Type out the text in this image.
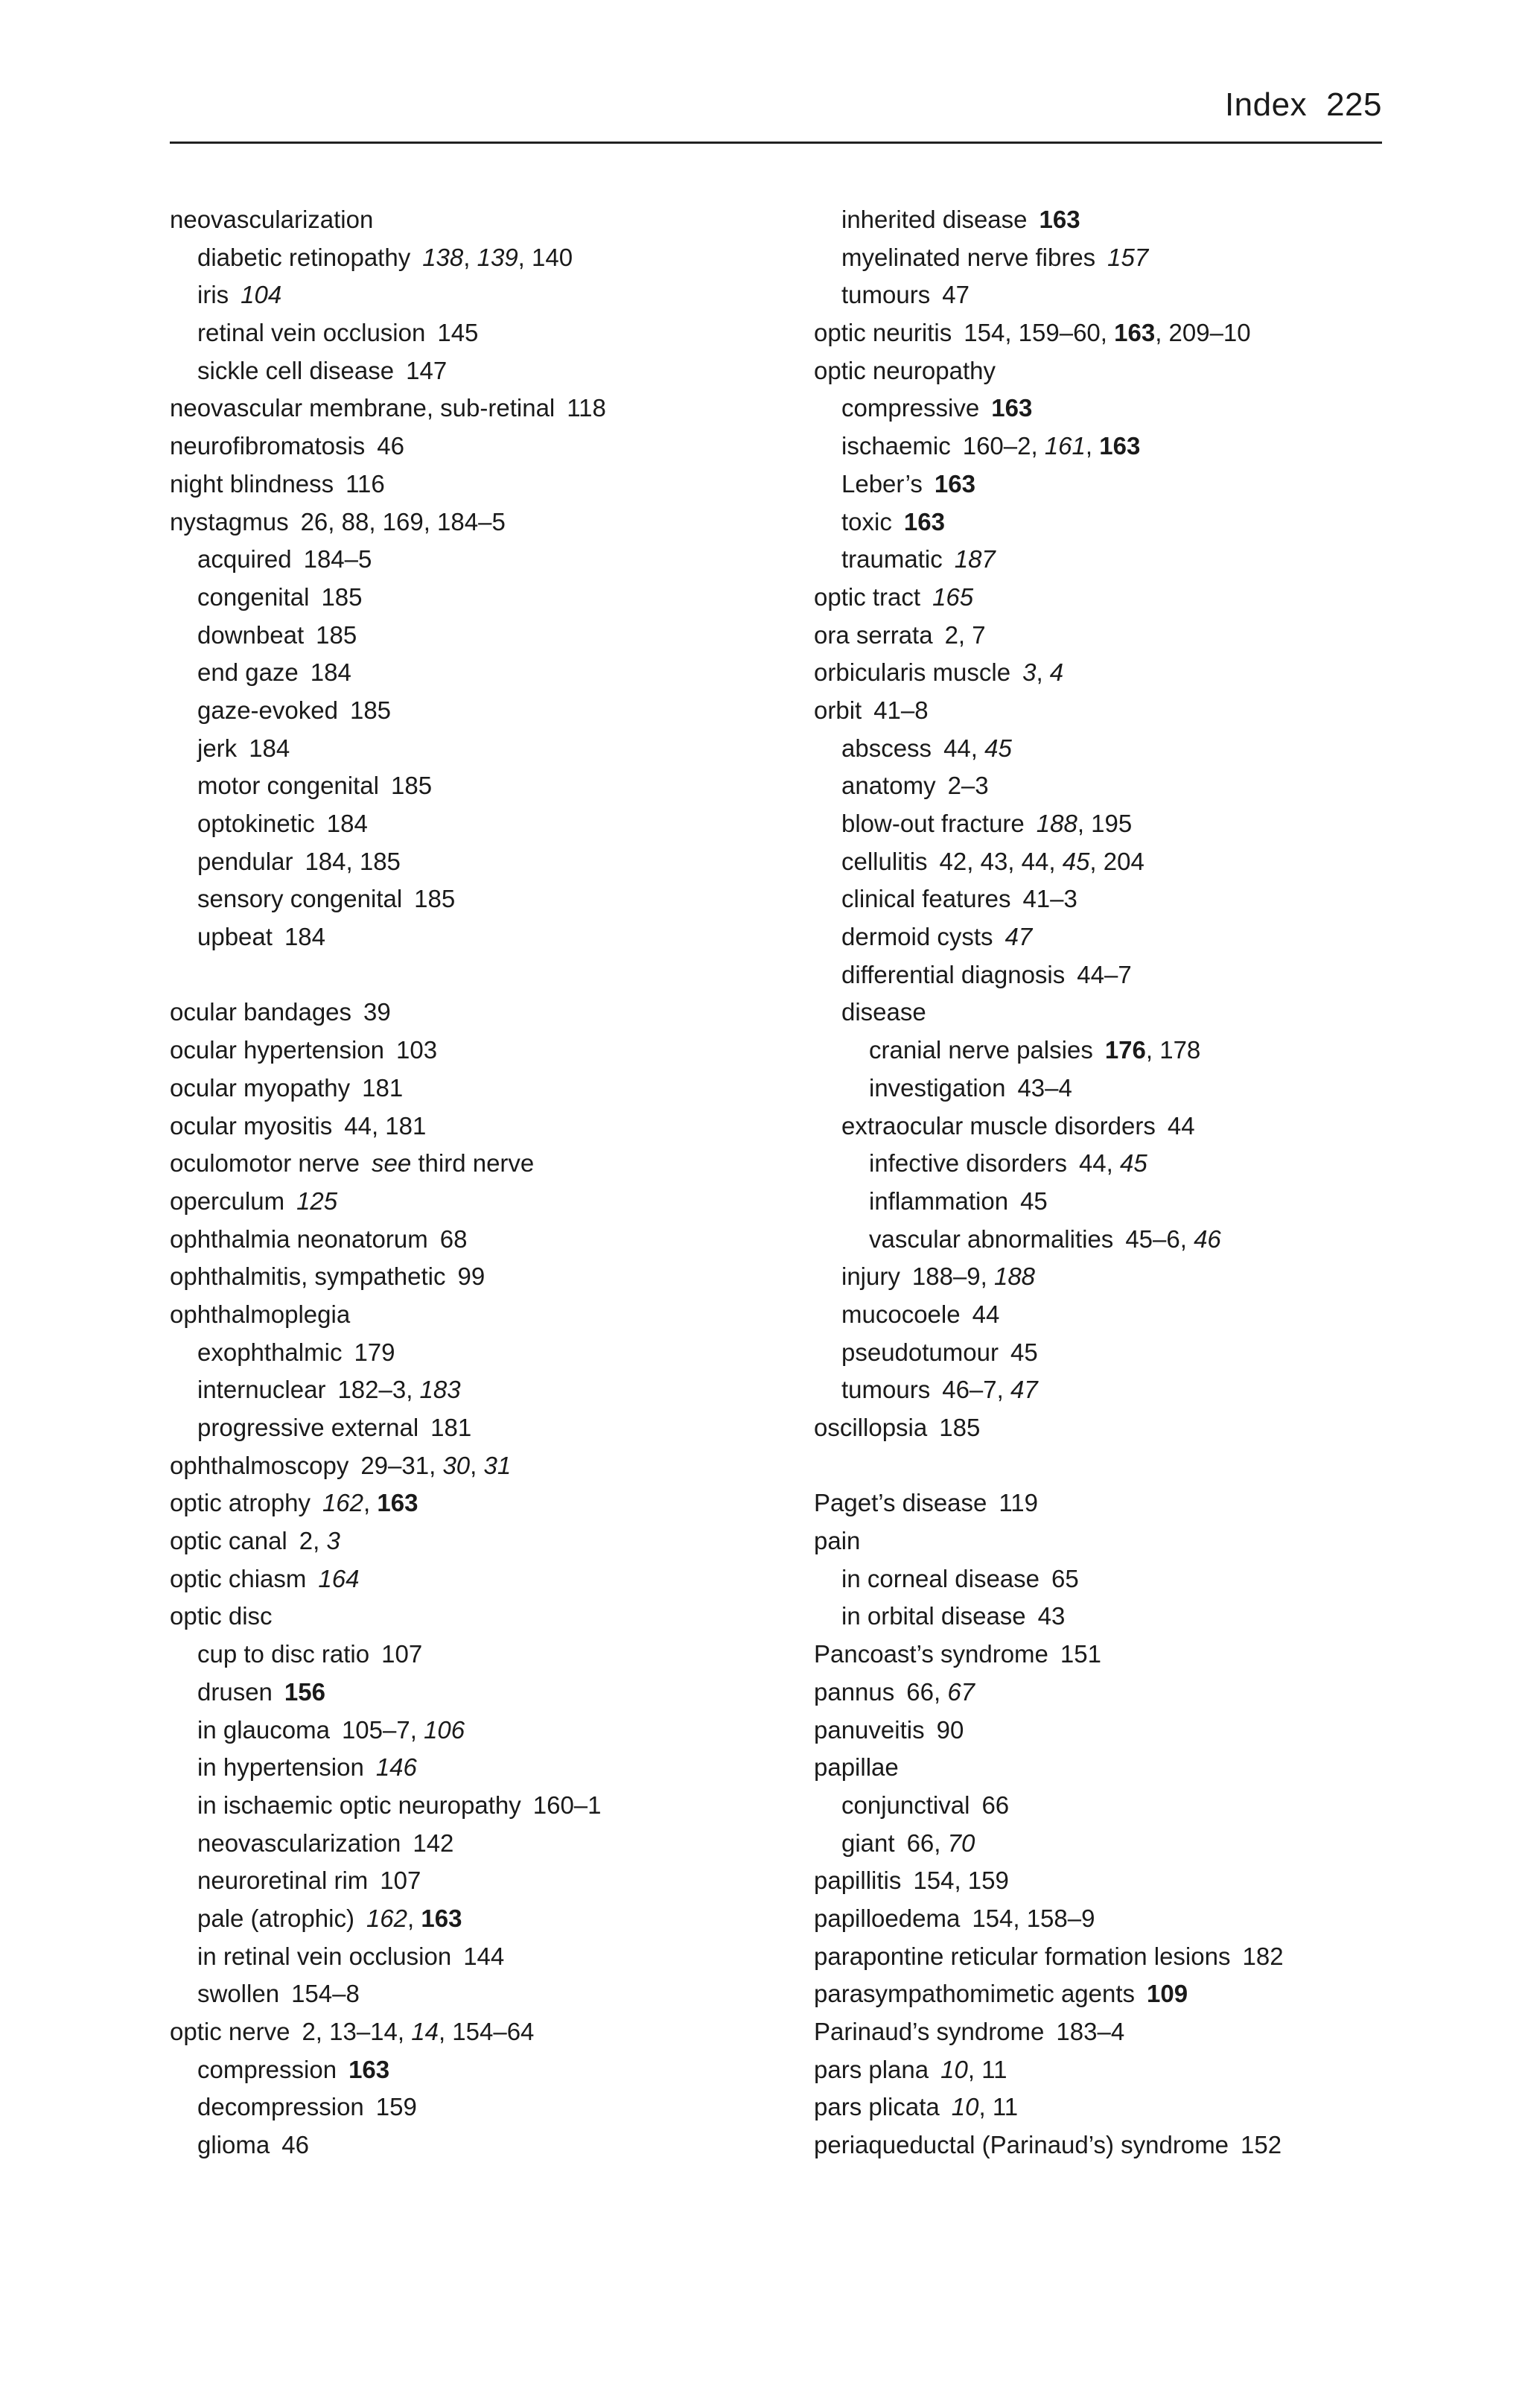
Index 225
neovascularization
diabetic retinopathy 138, 139, 140
iris 104
retinal vein occlusion 145
sickle cell disease 147
neovascular membrane, sub-retinal 118
neurofibromatosis 46
night blindness 116
nystagmus 26, 88, 169, 184–5
acquired 184–5
congenital 185
downbeat 185
end gaze 184
gaze-evoked 185
jerk 184
motor congenital 185
optokinetic 184
pendular 184, 185
sensory congenital 185
upbeat 184
ocular bandages 39
ocular hypertension 103
ocular myopathy 181
ocular myositis 44, 181
oculomotor nerve see third nerve
operculum 125
ophthalmia neonatorum 68
ophthalmitis, sympathetic 99
ophthalmoplegia
exophthalmic 179
internuclear 182–3, 183
progressive external 181
ophthalmoscopy 29–31, 30, 31
optic atrophy 162, 163
optic canal 2, 3
optic chiasm 164
optic disc
cup to disc ratio 107
drusen 156
in glaucoma 105–7, 106
in hypertension 146
in ischaemic optic neuropathy 160–1
neovascularization 142
neuroretinal rim 107
pale (atrophic) 162, 163
in retinal vein occlusion 144
swollen 154–8
optic nerve 2, 13–14, 14, 154–64
compression 163
decompression 159
glioma 46
inherited disease 163
myelinated nerve fibres 157
tumours 47
optic neuritis 154, 159–60, 163, 209–10
optic neuropathy
compressive 163
ischaemic 160–2, 161, 163
Leber’s 163
toxic 163
traumatic 187
optic tract 165
ora serrata 2, 7
orbicularis muscle 3, 4
orbit 41–8
abscess 44, 45
anatomy 2–3
blow-out fracture 188, 195
cellulitis 42, 43, 44, 45, 204
clinical features 41–3
dermoid cysts 47
differential diagnosis 44–7
disease
cranial nerve palsies 176, 178
investigation 43–4
extraocular muscle disorders 44
infective disorders 44, 45
inflammation 45
vascular abnormalities 45–6, 46
injury 188–9, 188
mucocoele 44
pseudotumour 45
tumours 46–7, 47
oscillopsia 185
Paget’s disease 119
pain
in corneal disease 65
in orbital disease 43
Pancoast’s syndrome 151
pannus 66, 67
panuveitis 90
papillae
conjunctival 66
giant 66, 70
papillitis 154, 159
papilloedema 154, 158–9
parapontine reticular formation lesions 182
parasympathomimetic agents 109
Parinaud’s syndrome 183–4
pars plana 10, 11
pars plicata 10, 11
periaqueductal (Parinaud’s) syndrome 152
